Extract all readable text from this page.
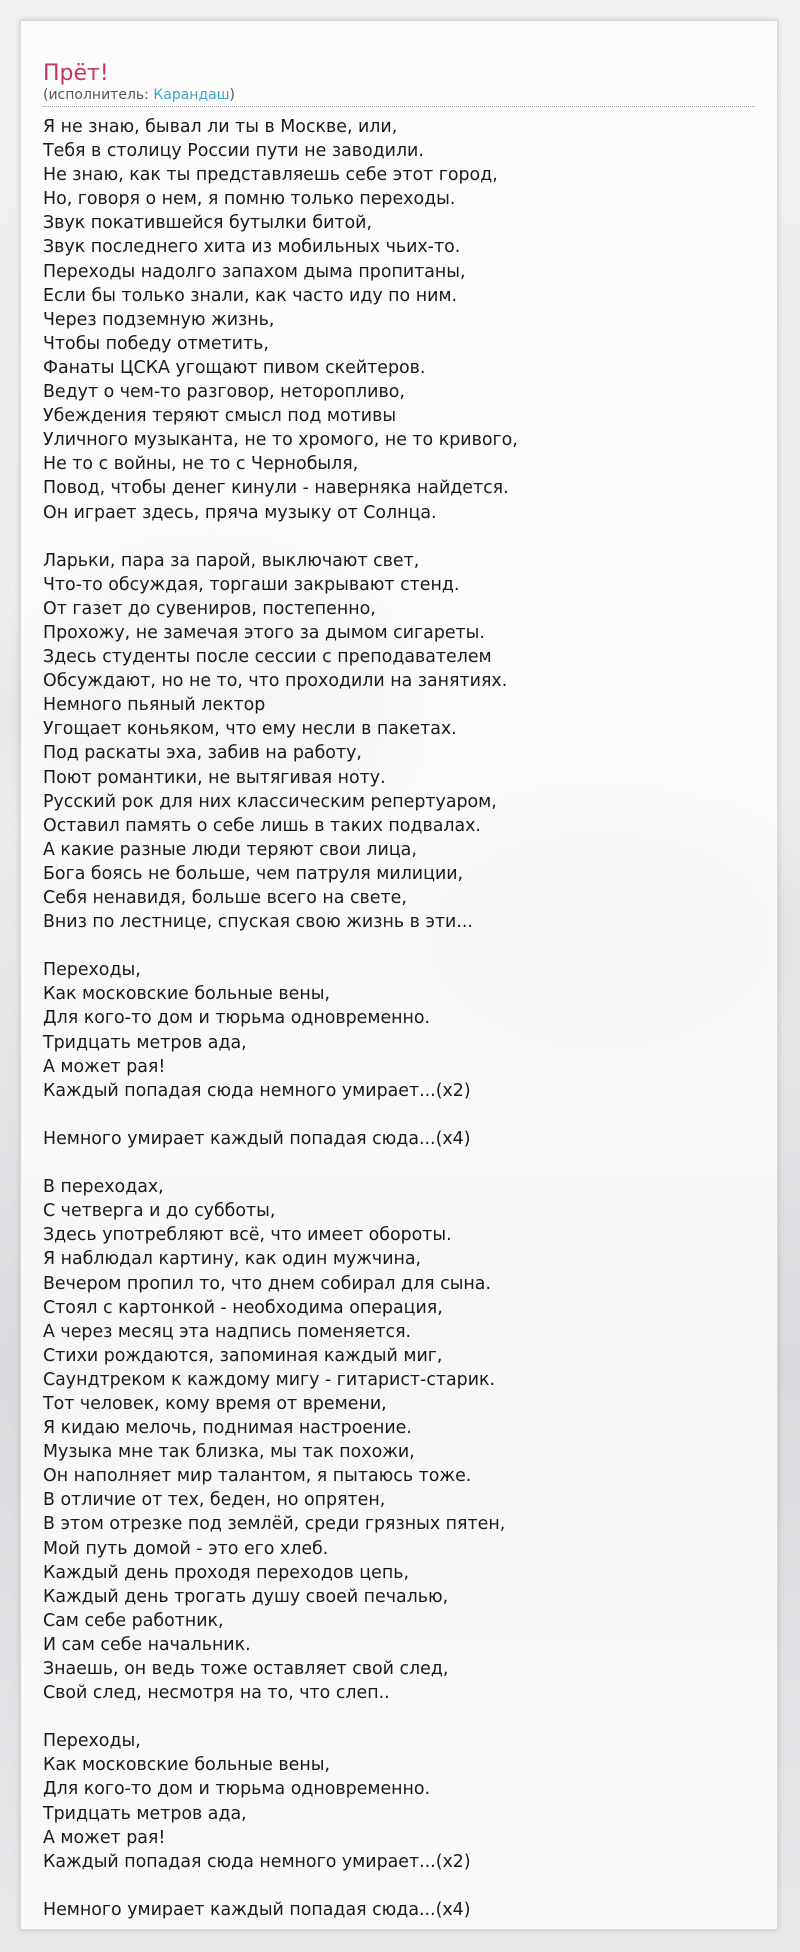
Прёт!
(исполнитель: Карандаш)
Я не знаю, бывал ли ты в Москве, или,
Тебя в столицу России пути не заводили.
Не знаю, как ты представляешь себе этот город,
Но, говоря о нем, я помню только переходы.
Звук покатившейся бутылки битой,
Звук последнего хита из мобильных чьих-то.
Переходы надолго запахом дыма пропитаны,
Если бы только знали, как часто иду по ним.
Через подземную жизнь,
Чтобы победу отметить,
Фанаты ЦСКА угощают пивом скейтеров.
Ведут о чем-то разговор, неторопливо,
Убеждения теряют смысл под мотивы
Уличного музыканта, не то хромого, не то кривого,
Не то с войны, не то с Чернобыля,
Повод, чтобы денег кинули - наверняка найдется.
Он играет здесь, пряча музыку от Солнца.

Ларьки, пара за парой, выключают свет,
Что-то обсуждая, торгаши закрывают стенд.
От газет до сувениров, постепенно,
Прохожу, не замечая этого за дымом сигареты.
Здесь студенты после сессии с преподавателем
Обсуждают, но не то, что проходили на занятиях.
Немного пьяный лектор
Угощает коньяком, что ему несли в пакетах.
Под раскаты эха, забив на работу,
Поют романтики, не вытягивая ноту.
Русский рок для них классическим репертуаром,
Оставил память о себе лишь в таких подвалах.
А какие разные люди теряют свои лица,
Бога боясь не больше, чем патруля милиции,
Себя ненавидя, больше всего на свете,
Вниз по лестнице, спуская свою жизнь в эти...

Переходы,
Как московские больные вены,
Для кого-то дом и тюрьма одновременно.
Тридцать метров ада,
А может рая!
Каждый попадая сюда немного умирает...(x2)

Немного умирает каждый попадая сюда...(x4)

В переходах,
С четверга и до субботы,
Здесь употребляют всё, что имеет обороты.
Я наблюдал картину, как один мужчина,
Вечером пропил то, что днем собирал для сына.
Стоял с картонкой - необходима операция,
А через месяц эта надпись поменяется.
Стихи рождаются, запоминая каждый миг,
Саундтреком к каждому мигу - гитарист-старик.
Тот человек, кому время от времени,
Я кидаю мелочь, поднимая настроение.
Музыка мне так близка, мы так похожи,
Он наполняет мир талантом, я пытаюсь тоже.
В отличие от тех, беден, но опрятен,
В этом отрезке под землёй, среди грязных пятен,
Мой путь домой - это его хлеб.
Каждый день проходя переходов цепь,
Каждый день трогать душу своей печалью,
Сам себе работник,
И сам себе начальник.
Знаешь, он ведь тоже оставляет свой след,
Свой след, несмотря на то, что слеп..

Переходы,
Как московские больные вены,
Для кого-то дом и тюрьма одновременно.
Тридцать метров ада,
А может рая!
Каждый попадая сюда немного умирает...(x2)

Немного умирает каждый попадая сюда...(x4)
